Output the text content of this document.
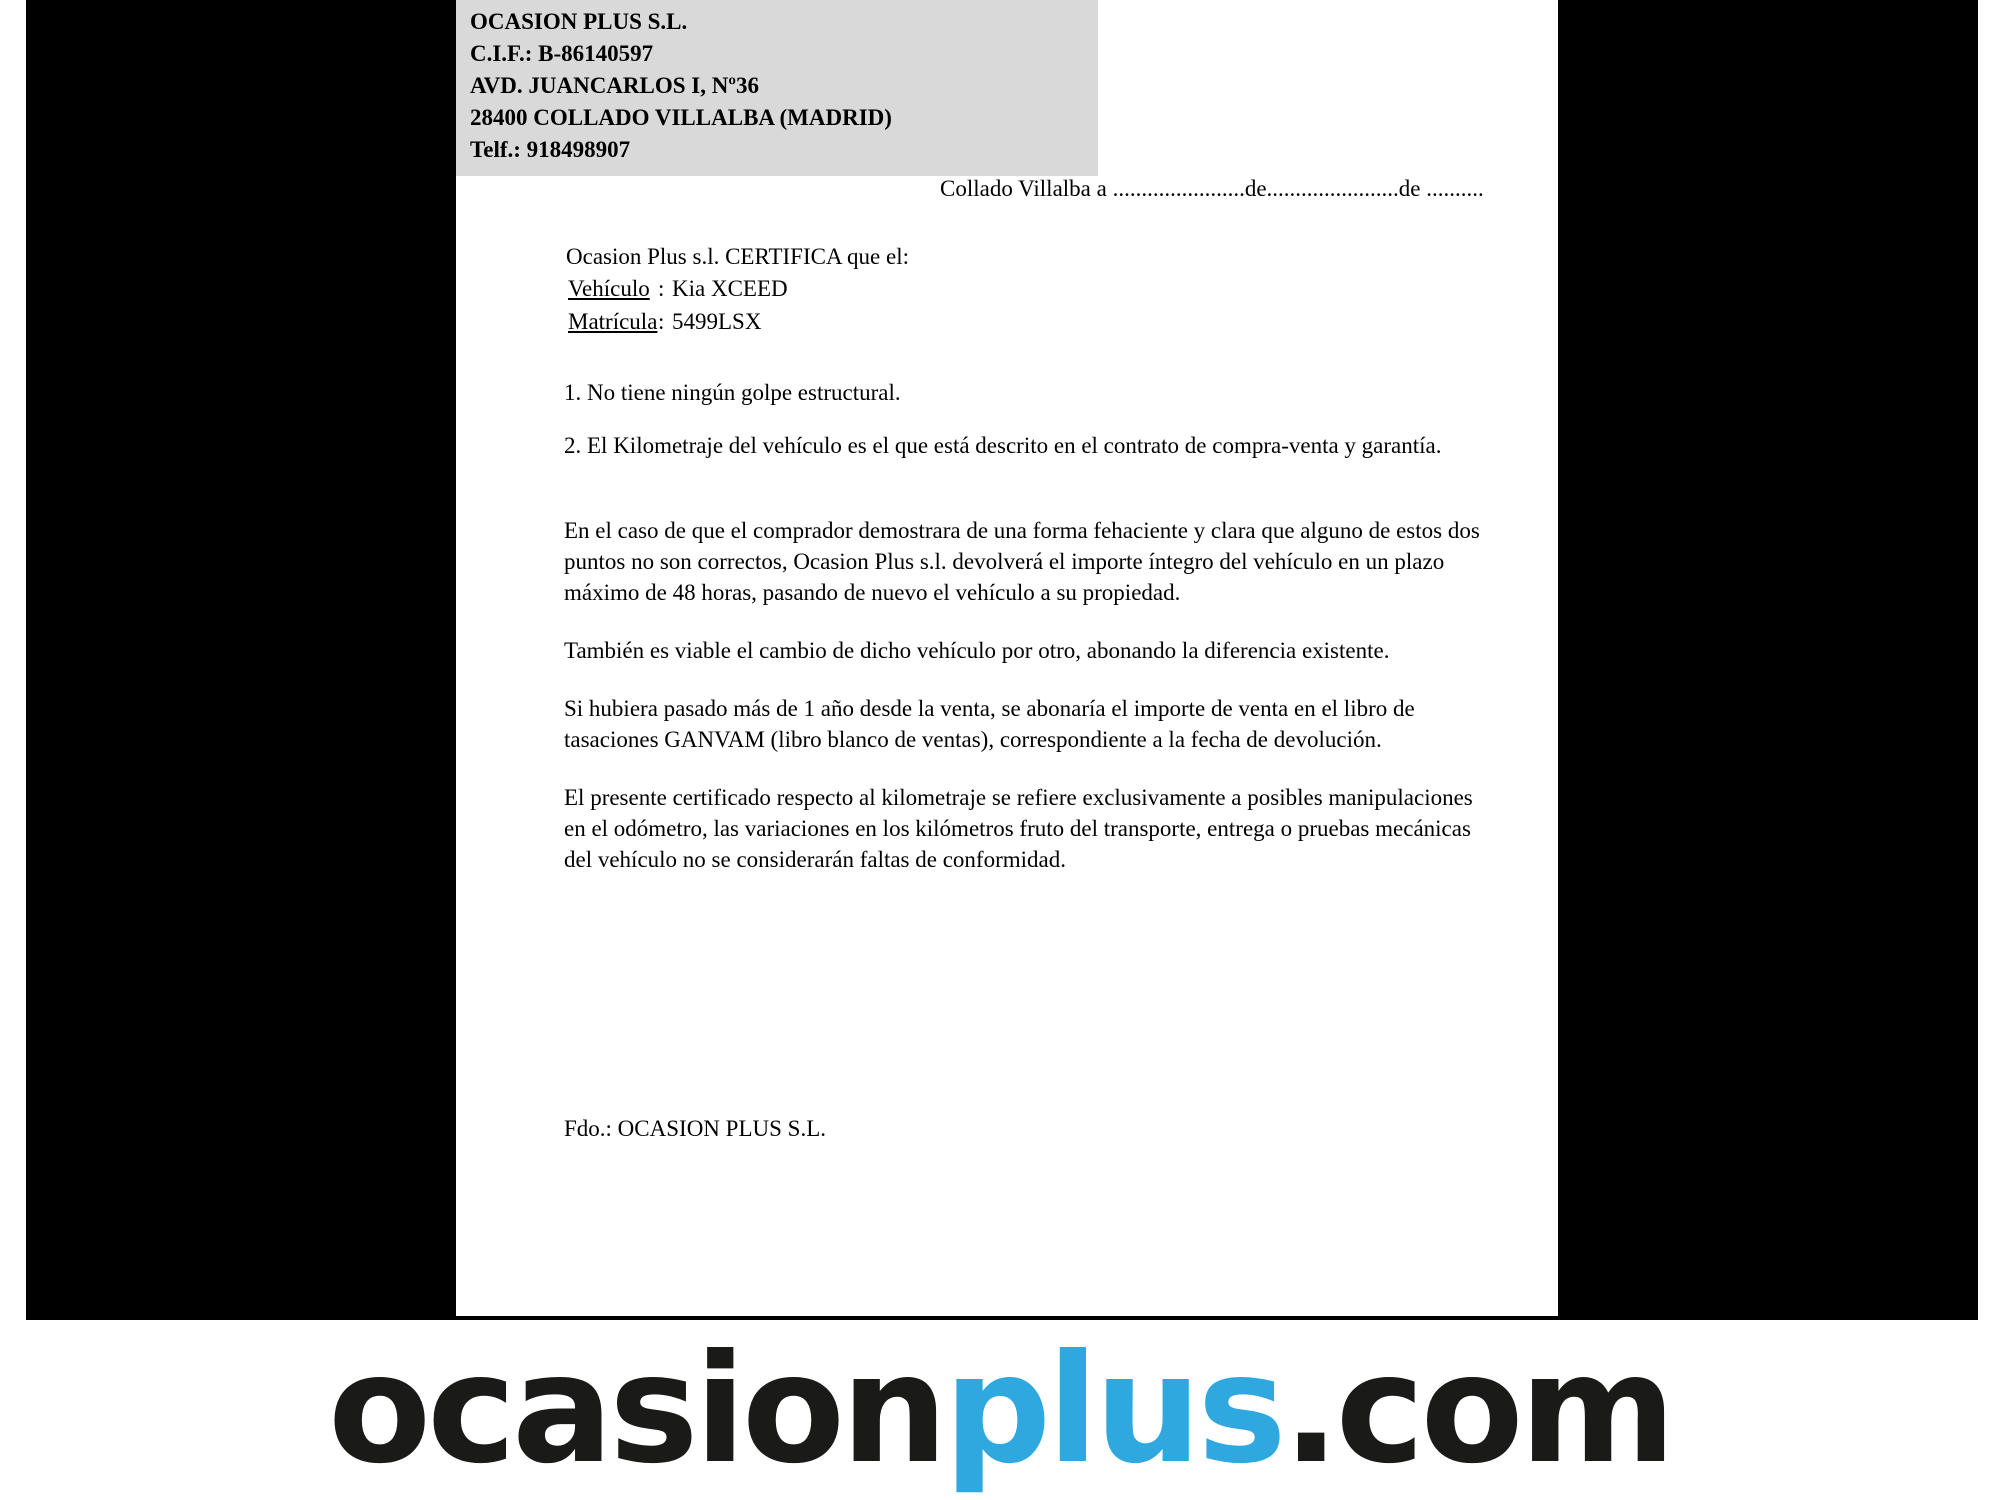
OCASION PLUS S.L.
C.I.F.: B-86140597
AVD. JUANCARLOS I, Nº36
28400 COLLADO VILLALBA (MADRID)
Telf.: 918498907
Collado Villalba a .......................de.......................de ..........
Ocasion Plus s.l. CERTIFICA que el:
Vehículo : Kia XCEED
Matrícula: 5499LSX
1. No tiene ningún golpe estructural.
2. El Kilometraje del vehículo es el que está descrito en el contrato de compra-venta y garantía.
En el caso de que el comprador demostrara de una forma fehaciente y clara que alguno de estos dos puntos no son correctos, Ocasion Plus s.l. devolverá el importe íntegro del vehículo en un plazo máximo de 48 horas, pasando de nuevo el vehículo a su propiedad.
También es viable el cambio de dicho vehículo por otro, abonando la diferencia existente.
Si hubiera pasado más de 1 año desde la venta, se abonaría el importe de venta en el libro de tasaciones GANVAM (libro blanco de ventas), correspondiente a la fecha de devolución.
El presente certificado respecto al kilometraje se refiere exclusivamente a posibles manipulaciones en el odómetro, las variaciones en los kilómetros fruto del transporte, entrega o pruebas mecánicas del vehículo no se considerarán faltas de conformidad.
Fdo.: OCASION PLUS S.L.
ocasionplus.com
